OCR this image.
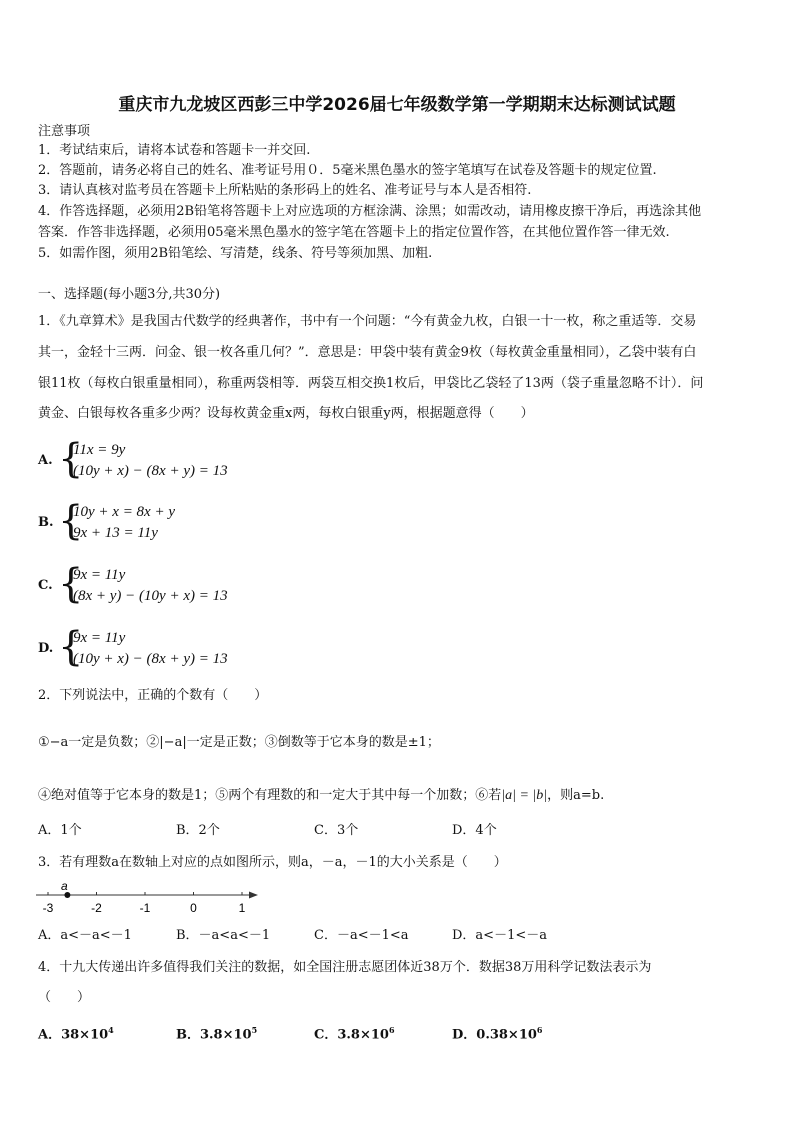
重庆市九龙坡区西彭三中学2026届七年级数学第一学期期末达标测试试题
注意事项
1．考试结束后，请将本试卷和答题卡一并交回.
2．答题前，请务必将自己的姓名、准考证号用０．5毫米黑色墨水的签字笔填写在试卷及答题卡的规定位置.
3．请认真核对监考员在答题卡上所粘贴的条形码上的姓名、准考证号与本人是否相符.
4．作答选择题，必须用2B铅笔将答题卡上对应选项的方框涂满、涂黑；如需改动，请用橡皮擦干净后，再选涂其他
答案．作答非选择题，必须用05毫米黑色墨水的签字笔在答题卡上的指定位置作答，在其他位置作答一律无效.
5．如需作图，须用2B铅笔绘、写清楚，线条、符号等须加黑、加粗.
一、选择题(每小题3分,共30分)
1．《九章算术》是我国古代数学的经典著作，书中有一个问题：“今有黄金九枚，白银一十一枚，称之重适等．交易
其一，金轻十三两．问金、银一枚各重几何？”．意思是：甲袋中装有黄金9枚（每枚黄金重量相同），乙袋中装有白
银11枚（每枚白银重量相同），称重两袋相等．两袋互相交换1枚后，甲袋比乙袋轻了13两（袋子重量忽略不计）．问
黄金、白银每枚各重多少两？设每枚黄金重x两，每枚白银重y两，根据题意得（　　）
A. {
11x = 9y
(10y + x) − (8x + y) = 13
B. {
10y + x = 8x + y
9x + 13 = 11y
C. {
9x = 11y
(8x + y) − (10y + x) = 13
D. {
9x = 11y
(10y + x) − (8x + y) = 13
2．下列说法中，正确的个数有（　　）
①−a一定是负数；②|−a|一定是正数；③倒数等于它本身的数是±1；
④绝对值等于它本身的数是1；⑤两个有理数的和一定大于其中每一个加数；⑥若|a| = |b|，则a=b.
A．1个	B．2个	C．3个	D．4个
3．若有理数a在数轴上对应的点如图所示，则a，－a，－1的大小关系是（　　）
-3	-2	-1	0	1
a
A．a<－a<－1	B．－a<a<－1	C．－a<－1<a	D．a<－1<－a
4．十九大传递出许多值得我们关注的数据，如全国注册志愿团体近38万个．数据38万用科学记数法表示为
（　　）
A．$38\times 10^4$	B．$3.8\times 10^5$	C．$3.8\times 10^6$	D．$0.38\times 10^6$
